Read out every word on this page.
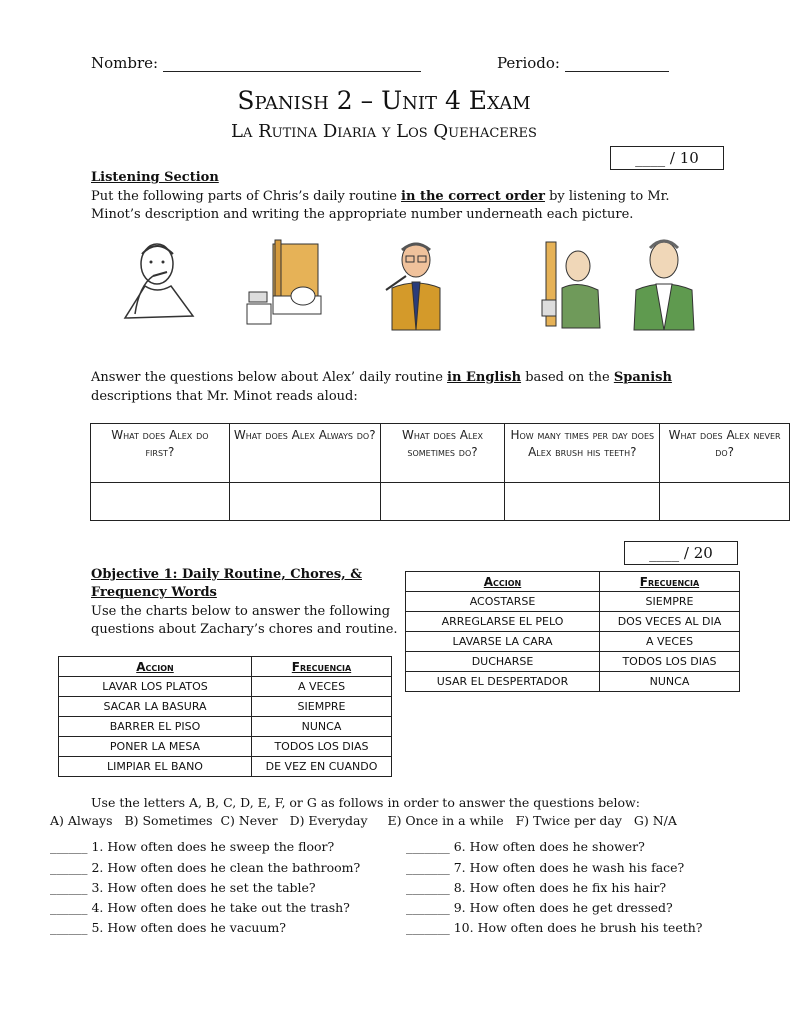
Nombre:	Periodo:
Spanish 2 – Unit 4 Exam
La Rutina Diaria y Los Quehaceres
____ / 10
Listening Section
Put the following parts of Chris’s daily routine in the correct order by listening to Mr.
Minot’s description and writing the appropriate number underneath each picture.
Answer the questions below about Alex’ daily routine in English based on the Spanish
descriptions that Mr. Minot reads aloud:
What does Alex do first?	What does Alex Always do?	What does Alex sometimes do?	How many times per day does Alex brush his teeth?	What does Alex never do?

____ / 20
Objective 1: Daily Routine, Chores, &
Frequency Words
Use the charts below to answer the following
questions about Zachary’s chores and routine.
Accion	Frecuencia
ACOSTARSE	SIEMPRE
ARREGLARSE EL PELO	DOS VECES AL DIA
LAVARSE LA CARA	A VECES
DUCHARSE	TODOS LOS DIAS
USAR EL DESPERTADOR	NUNCA
Accion	Frecuencia
LAVAR LOS PLATOS	A VECES
SACAR LA BASURA	SIEMPRE
BARRER EL PISO	NUNCA
PONER LA MESA	TODOS LOS DIAS
LIMPIAR EL BANO	DE VEZ EN CUANDO
Use the letters A, B, C, D, E, F, or G as follows in order to answer the questions below:
A) Always   B) Sometimes  C) Never   D) Everyday     E) Once in a while   F) Twice per day   G) N/A
______ 1. How often does he sweep the floor?
______ 2. How often does he clean the bathroom?
______ 3. How often does he set the table?
______ 4. How often does he take out the trash?
______ 5. How often does he vacuum?
_______ 6. How often does he shower?
_______ 7. How often does he wash his face?
_______ 8. How often does he fix his hair?
_______ 9. How often does he get dressed?
_______ 10. How often does he brush his teeth?
